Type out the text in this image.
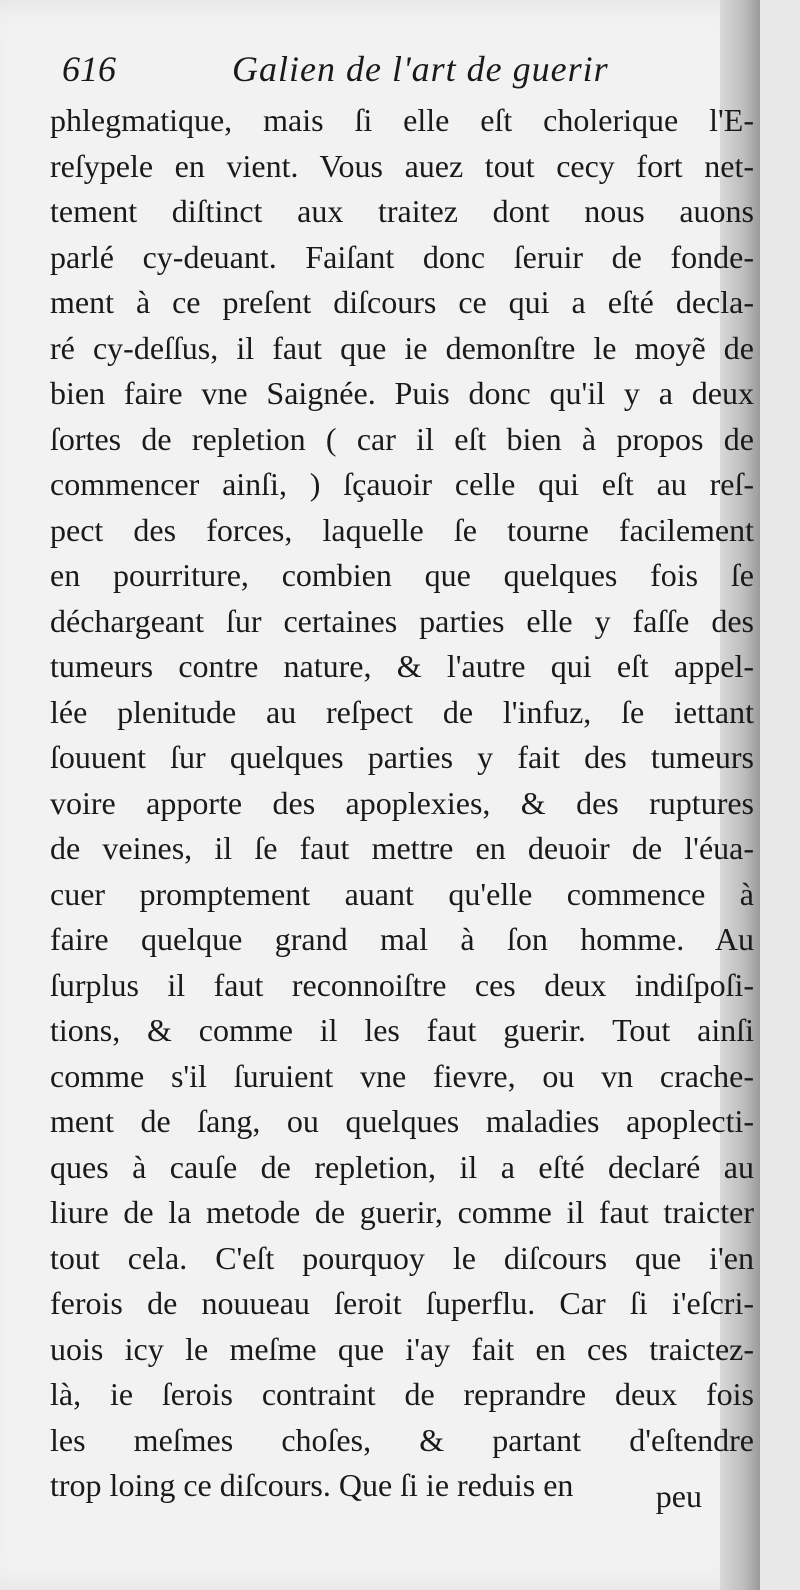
616	Galien de l'art de guerir
phlegmatique, mais ſi elle eſt cholerique l'E-
reſypele en vient. Vous auez tout cecy fort net-
tement diſtinct aux traitez dont nous auons
parlé cy-deuant. Faiſant donc ſeruir de fonde-
ment à ce preſent diſcours ce qui a eſté decla-
ré cy-deſſus, il faut que ie demonſtre le moyẽ de
bien faire vne Saignée. Puis donc qu'il y a deux
ſortes de repletion ( car il eſt bien à propos de
commencer ainſi, ) ſçauoir celle qui eſt au reſ-
pect des forces, laquelle ſe tourne facilement
en pourriture, combien que quelques fois ſe
déchargeant ſur certaines parties elle y faſſe des
tumeurs contre nature, & l'autre qui eſt appel-
lée plenitude au reſpect de l'infuz, ſe iettant
ſouuent ſur quelques parties y fait des tumeurs
voire apporte des apoplexies, & des ruptures
de veines, il ſe faut mettre en deuoir de l'éua-
cuer promptement auant qu'elle commence à
faire quelque grand mal à ſon homme. Au
ſurplus il faut reconnoiſtre ces deux indiſpoſi-
tions, & comme il les faut guerir. Tout ainſi
comme s'il ſuruient vne fievre, ou vn crache-
ment de ſang, ou quelques maladies apoplecti-
ques à cauſe de repletion, il a eſté declaré au
liure de la metode de guerir, comme il faut traicter
tout cela. C'eſt pourquoy le diſcours que i'en
ferois de nouueau ſeroit ſuperflu. Car ſi i'eſcri-
uois icy le meſme que i'ay fait en ces traictez-
là, ie ſerois contraint de reprandre deux fois
les meſmes choſes, & partant d'eſtendre
trop loing ce diſcours. Que ſi ie reduis en	peu
